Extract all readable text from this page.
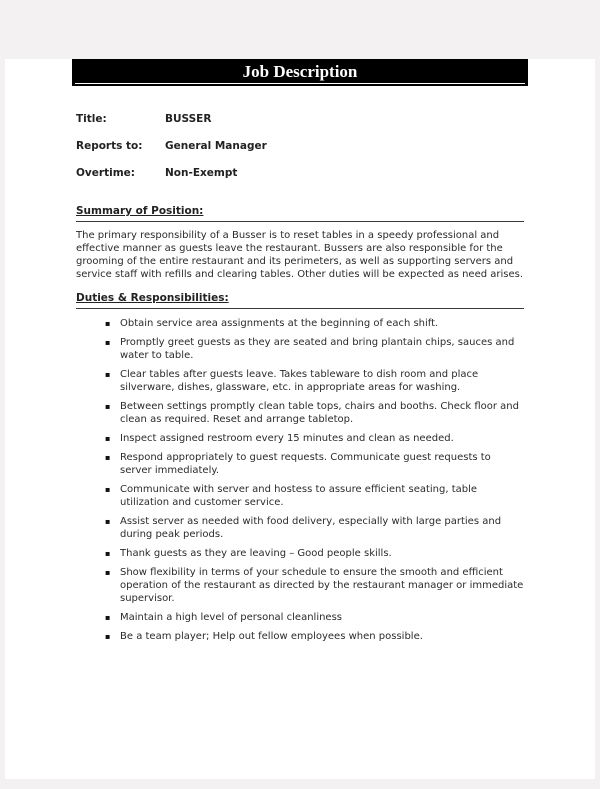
Job Description
Title:	BUSSER
Reports to:	General Manager
Overtime:	Non-Exempt
Summary of Position:

The primary responsibility of a Busser is to reset tables in a speedy professional and effective manner as guests leave the restaurant. Bussers are also responsible for the grooming of the entire restaurant and its perimeters, as well as supporting servers and service staff with refills and clearing tables. Other duties will be expected as need arises.

Duties & Responsibilities:
▪ Obtain service area assignments at the beginning of each shift.
▪ Promptly greet guests as they are seated and bring plantain chips, sauces and water to table.
▪ Clear tables after guests leave. Takes tableware to dish room and place silverware, dishes, glassware, etc. in appropriate areas for washing.
▪ Between settings promptly clean table tops, chairs and booths. Check floor and clean as required. Reset and arrange tabletop.
▪ Inspect assigned restroom every 15 minutes and clean as needed.
▪ Respond appropriately to guest requests. Communicate guest requests to server immediately.
▪ Communicate with server and hostess to assure efficient seating, table utilization and customer service.
▪ Assist server as needed with food delivery, especially with large parties and during peak periods.
▪ Thank guests as they are leaving – Good people skills.
▪ Show flexibility in terms of your schedule to ensure the smooth and efficient operation of the restaurant as directed by the restaurant manager or immediate supervisor.
▪ Maintain a high level of personal cleanliness
▪ Be a team player; Help out fellow employees when possible.
